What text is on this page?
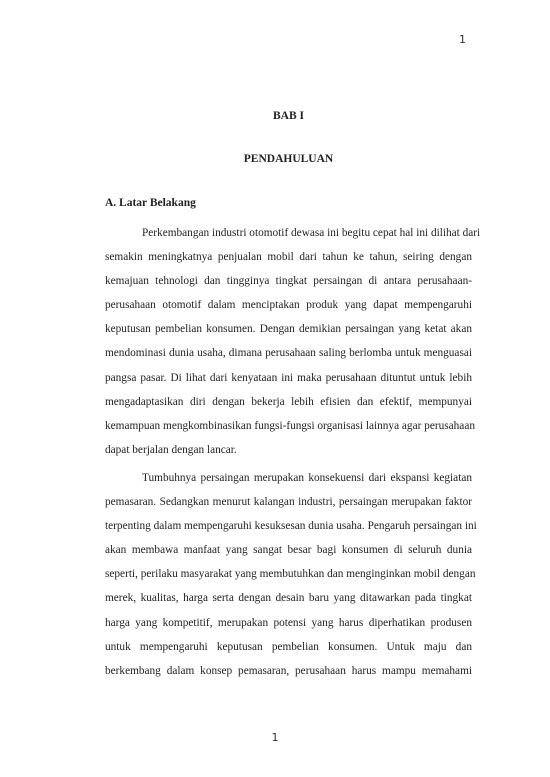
1
BAB I
PENDAHULUAN
A. Latar Belakang
Perkembangan industri otomotif dewasa ini begitu cepat hal ini dilihat dari
semakin meningkatnya penjualan mobil dari tahun ke tahun, seiring dengan
kemajuan tehnologi dan tingginya tingkat persaingan di antara perusahaan-
perusahaan otomotif dalam menciptakan produk yang dapat mempengaruhi
keputusan pembelian konsumen. Dengan demikian persaingan yang ketat akan
mendominasi dunia usaha, dimana perusahaan saling berlomba untuk menguasai
pangsa pasar. Di lihat dari kenyataan ini maka perusahaan dituntut untuk lebih
mengadaptasikan diri dengan bekerja lebih efisien dan efektif, mempunyai
kemampuan mengkombinasikan fungsi-fungsi organisasi lainnya agar perusahaan
dapat berjalan dengan lancar.
Tumbuhnya persaingan merupakan konsekuensi dari ekspansi kegiatan
pemasaran. Sedangkan menurut kalangan industri, persaingan merupakan faktor
terpenting dalam mempengaruhi kesuksesan dunia usaha. Pengaruh persaingan ini
akan membawa manfaat yang sangat besar bagi konsumen di seluruh dunia
seperti, perilaku masyarakat yang membutuhkan dan menginginkan mobil dengan
merek, kualitas, harga serta dengan desain baru yang ditawarkan pada tingkat
harga yang kompetitif, merupakan potensi yang harus diperhatikan produsen
untuk mempengaruhi keputusan pembelian konsumen. Untuk maju dan
berkembang dalam konsep pemasaran, perusahaan harus mampu memahami
1
